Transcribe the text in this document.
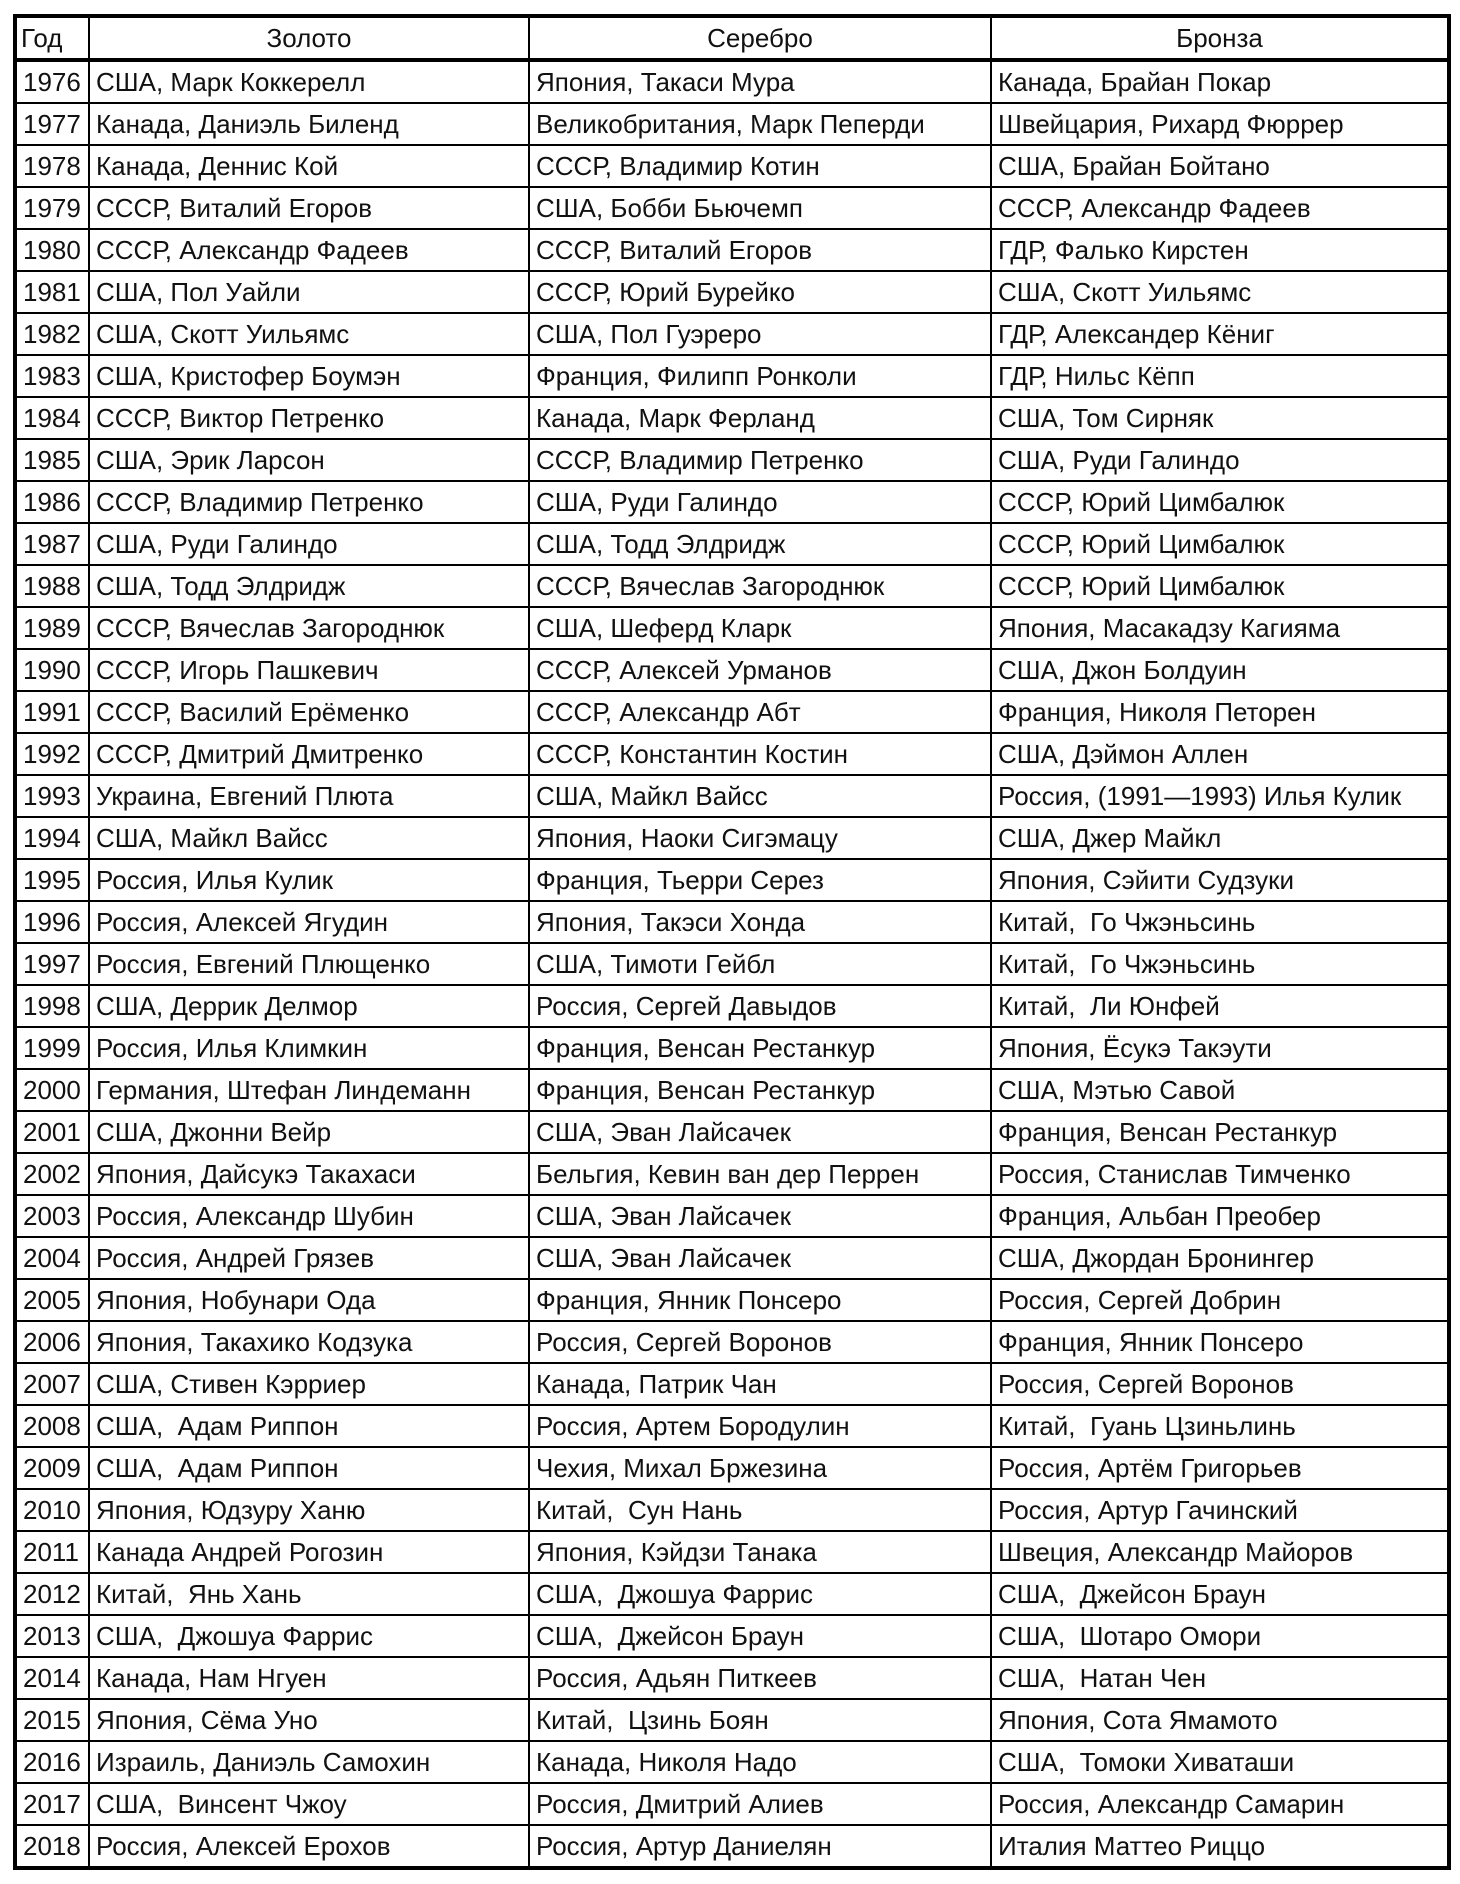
Год	Золото	Серебро	Бронза
1976	США, Марк Коккерелл	Япония, Такаси Мура	Канада, Брайан Покар
1977	Канада, Даниэль Биленд	Великобритания, Марк Пеперди	Швейцария, Рихард Фюррер
1978	Канада, Деннис Кой	СССР, Владимир Котин	США, Брайан Бойтано
1979	СССР, Виталий Егоров	США, Бобби Бьючемп	СССР, Александр Фадеев
1980	СССР, Александр Фадеев	СССР, Виталий Егоров	ГДР, Фалько Кирстен
1981	США, Пол Уайли	СССР, Юрий Бурейко	США, Скотт Уильямс
1982	США, Скотт Уильямс	США, Пол Гуэреро	ГДР, Александер Кёниг
1983	США, Кристофер Боумэн	Франция, Филипп Ронколи	ГДР, Нильс Кёпп
1984	СССР, Виктор Петренко	Канада, Марк Ферланд	США, Том Сирняк
1985	США, Эрик Ларсон	СССР, Владимир Петренко	США, Руди Галиндо
1986	СССР, Владимир Петренко	США, Руди Галиндо	СССР, Юрий Цимбалюк
1987	США, Руди Галиндо	США, Тодд Элдридж	СССР, Юрий Цимбалюк
1988	США, Тодд Элдридж	СССР, Вячеслав Загороднюк	СССР, Юрий Цимбалюк
1989	СССР, Вячеслав Загороднюк	США, Шеферд Кларк	Япония, Масакадзу Кагияма
1990	СССР, Игорь Пашкевич	СССР, Алексей Урманов	США, Джон Болдуин
1991	СССР, Василий Ерёменко	СССР, Александр Абт	Франция, Николя Петорен
1992	СССР, Дмитрий Дмитренко	СССР, Константин Костин	США, Дэймон Аллен
1993	Украина, Евгений Плюта	США, Майкл Вайсс	Россия, (1991—1993) Илья Кулик
1994	США, Майкл Вайсс	Япония, Наоки Сигэмацу	США, Джер Майкл
1995	Россия, Илья Кулик	Франция, Тьерри Серез	Япония, Сэйити Судзуки
1996	Россия, Алексей Ягудин	Япония, Такэси Хонда	Китай,  Го Чжэньсинь
1997	Россия, Евгений Плющенко	США, Тимоти Гейбл	Китай,  Го Чжэньсинь
1998	США, Деррик Делмор	Россия, Сергей Давыдов	Китай,  Ли Юнфей
1999	Россия, Илья Климкин	Франция, Венсан Рестанкур	Япония, Ёсукэ Такэути
2000	Германия, Штефан Линдеманн	Франция, Венсан Рестанкур	США, Мэтью Савой
2001	США, Джонни Вейр	США, Эван Лайсачек	Франция, Венсан Рестанкур
2002	Япония, Дайсукэ Такахаси	Бельгия, Кевин ван дер Перрен	Россия, Станислав Тимченко
2003	Россия, Александр Шубин	США, Эван Лайсачек	Франция, Альбан Преобер
2004	Россия, Андрей Грязев	США, Эван Лайсачек	США, Джордан Бронингер
2005	Япония, Нобунари Ода	Франция, Янник Понсеро	Россия, Сергей Добрин
2006	Япония, Такахико Кодзука	Россия, Сергей Воронов	Франция, Янник Понсеро
2007	США, Стивен Кэрриер	Канада, Патрик Чан	Россия, Сергей Воронов
2008	США,  Адам Риппон	Россия, Артем Бородулин	Китай,  Гуань Цзиньлинь
2009	США,  Адам Риппон	Чехия, Михал Бржезина	Россия, Артём Григорьев
2010	Япония, Юдзуру Ханю	Китай,  Сун Нань	Россия, Артур Гачинский
2011	Канада Андрей Рогозин	Япония, Кэйдзи Танака	Швеция, Александр Майоров
2012	Китай,  Янь Хань	США,  Джошуа Фаррис	США,  Джейсон Браун
2013	США,  Джошуа Фаррис	США,  Джейсон Браун	США,  Шотаро Омори
2014	Канада, Нам Нгуен	Россия, Адьян Питкеев	США,  Натан Чен
2015	Япония, Сёма Уно	Китай,  Цзинь Боян	Япония, Сота Ямамото
2016	Израиль, Даниэль Самохин	Канада, Николя Надо	США,  Томоки Хиваташи
2017	США,  Винсент Чжоу	Россия, Дмитрий Алиев	Россия, Александр Самарин
2018	Россия, Алексей Ерохов	Россия, Артур Даниелян	Италия Маттео Риццо
